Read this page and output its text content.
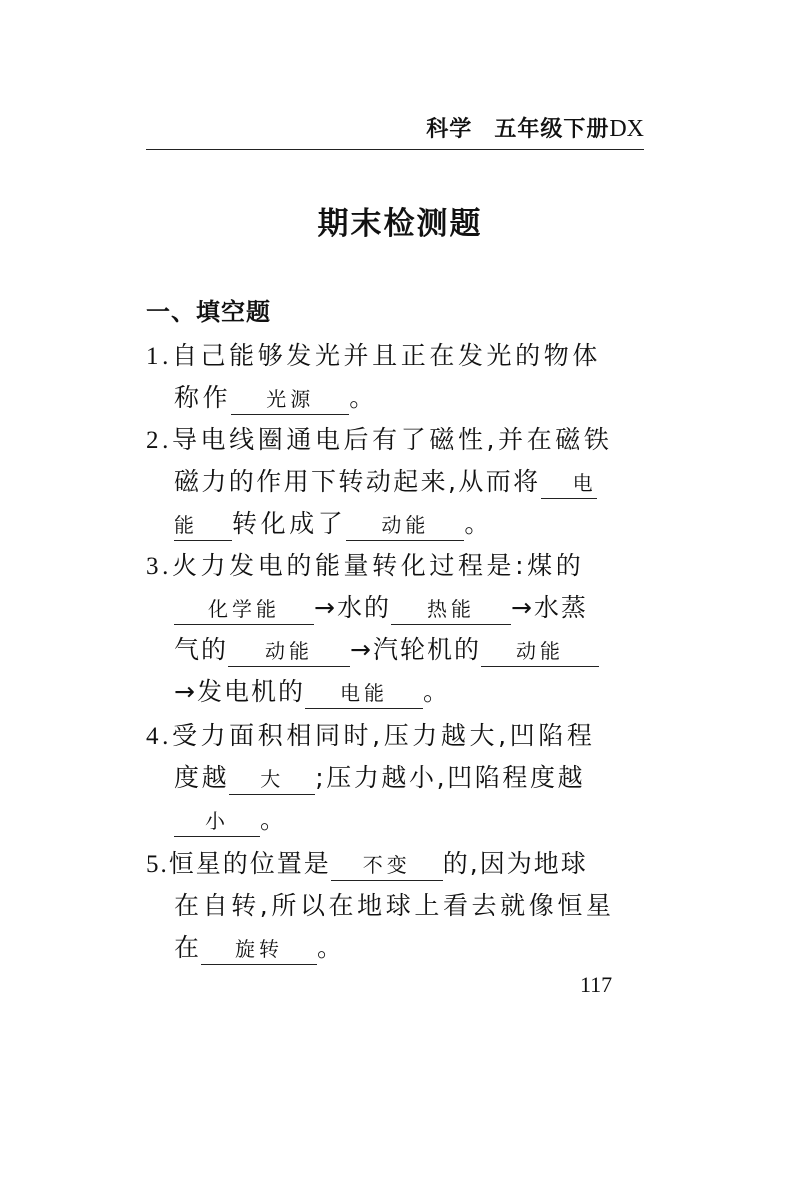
科学 五年级下册DX
期末检测题
一、填空题
1.自己能够发光并且正在发光的物体
称作 光源 。
2.导电线圈通电后有了磁性,并在磁铁
磁力的作用下转动起来,从而将 电
能 转化成了 动能 。
3.火力发电的能量转化过程是:煤的
化学能 →水的 热能 →水蒸
气的 动能 →汽轮机的 动能
→发电机的 电能 。
4.受力面积相同时,压力越大,凹陷程
度越 大 ;压力越小,凹陷程度越
小 。
5.恒星的位置是 不变 的,因为地球
在自转,所以在地球上看去就像恒星
在 旋转 。
117
